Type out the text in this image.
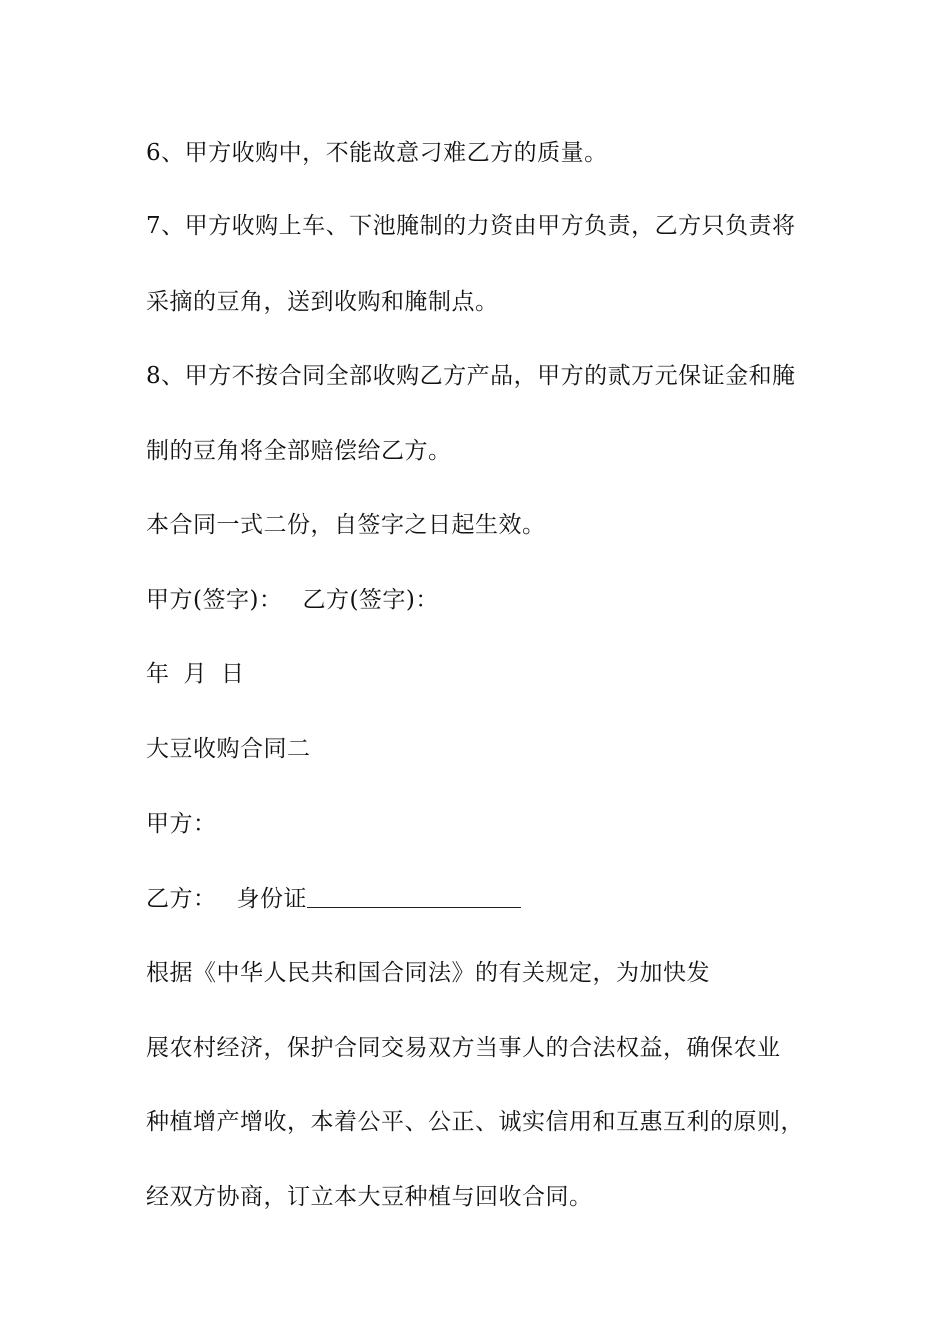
6、甲方收购中，不能故意刁难乙方的质量。
7、甲方收购上车、下池腌制的力资由甲方负责，乙方只负责将
采摘的豆角，送到收购和腌制点。
8、甲方不按合同全部收购乙方产品，甲方的贰万元保证金和腌
制的豆角将全部赔偿给乙方。
本合同一式二份，自签字之日起生效。
甲方(签字)： 乙方(签字)：
年 月 日
大豆收购合同二
甲方：
乙方： 身份证
根据《中华人民共和国合同法》的有关规定，为加快发
展农村经济，保护合同交易双方当事人的合法权益，确保农业
种植增产增收，本着公平、公正、诚实信用和互惠互利的原则，
经双方协商，订立本大豆种植与回收合同。
